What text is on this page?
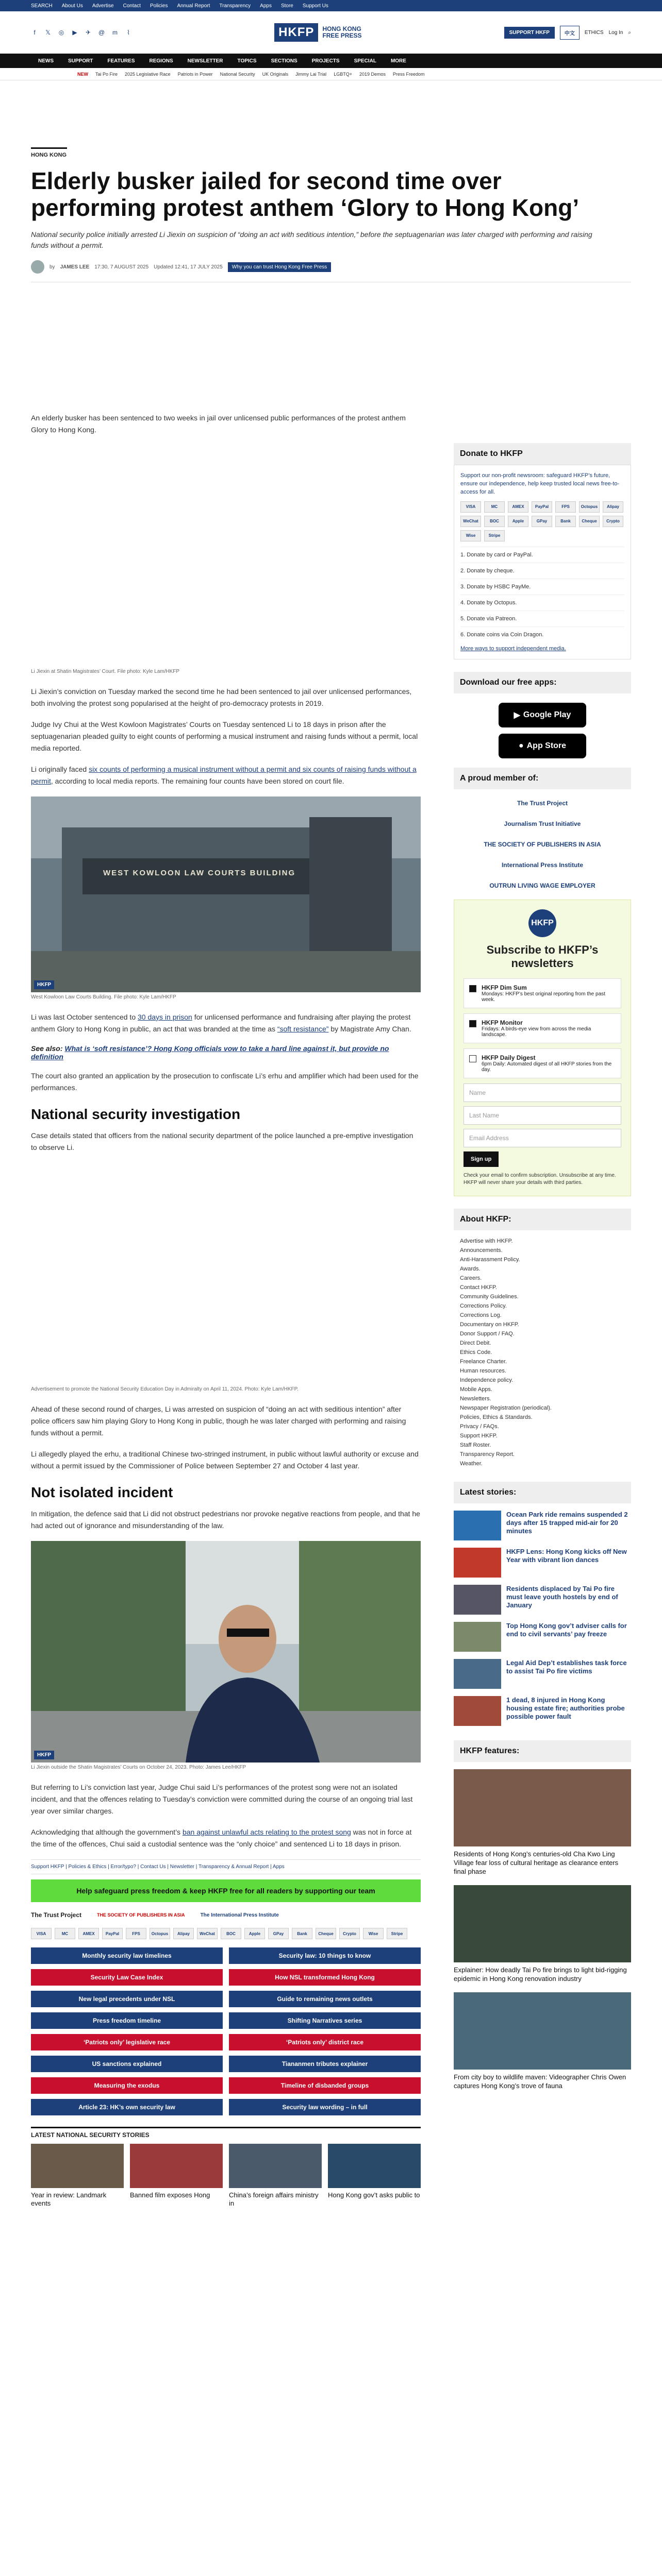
SEARCH About Us Advertise Contact Policies Annual Report Transparency Apps Store Support Us
f	𝕏 ◎ ▶ ✈ @ m	⌇	HKFP	HONG KONG
FREE PRESS	SUPPORT HKFP	中文	ETHICS Log In ⌕
NEWS	SUPPORT	FEATURES	REGIONS	NEWSLETTER	TOPICS	SECTIONS	PROJECTS	SPECIAL	MORE
NEW Tai Po Fire 2025 Legislative Race Patriots in Power National Security UK Originals Jimmy Lai Trial LGBTQ+ 2019 Demos Press Freedom
HONG KONG
Elderly busker jailed for second time over performing protest anthem ‘Glory to Hong Kong’
National security police initially arrested Li Jiexin on suspicion of “doing an act with seditious intention,” before the septuagenarian was later charged with performing and raising funds without a permit.
by JAMES LEE 17:30, 7 AUGUST 2025 Updated 12:41, 17 JULY 2025	Why you can trust Hong Kong Free Press

An elderly busker has been sentenced to two weeks in jail over unlicensed public performances of the protest anthem Glory to Hong Kong.

Li Jiexin at Shatin Magistrates’ Court. File photo: Kyle Lam/HKFP

Li Jiexin’s conviction on Tuesday marked the second time he had been sentenced to jail over unlicensed performances, both involving the protest song popularised at the height of pro-democracy protests in 2019.

Judge Ivy Chui at the West Kowloon Magistrates’ Courts on Tuesday sentenced Li to 18 days in prison after the septuagenarian pleaded guilty to eight counts of performing a musical instrument and raising funds without a permit, local media reported.

Li originally faced six counts of performing a musical instrument without a permit and six counts of raising funds without a permit, according to local media reports. The remaining four counts have been stored on court file.

WEST KOWLOON LAW COURTS BUILDING
HKFP
West Kowloon Law Courts Building. File photo: Kyle Lam/HKFP

Li was last October sentenced to 30 days in prison for unlicensed performance and fundraising after playing the protest anthem Glory to Hong Kong in public, an act that was branded at the time as “soft resistance” by Magistrate Amy Chan.

See also: What is ‘soft resistance’? Hong Kong officials vow to take a hard line against it, but provide no definition

The court also granted an application by the prosecution to confiscate Li’s erhu and amplifier which had been used for the performances.

National security investigation

Case details stated that officers from the national security department of the police launched a pre-emptive investigation to observe Li.

Advertisement to promote the National Security Education Day in Admiralty on April 11, 2024. Photo: Kyle Lam/HKFP.

Ahead of these second round of charges, Li was arrested on suspicion of “doing an act with seditious intention” after police officers saw him playing Glory to Hong Kong in public, though he was later charged with performing and raising funds without a permit.

Li allegedly played the erhu, a traditional Chinese two-stringed instrument, in public without lawful authority or excuse and without a permit issued by the Commissioner of Police between September 27 and October 4 last year.

Not isolated incident

In mitigation, the defence said that Li did not obstruct pedestrians nor provoke negative reactions from people, and that he had acted out of ignorance and misunderstanding of the law.

HKFP
Li Jiexin outside the Shatin Magistrates’ Courts on October 24, 2023. Photo: James Lee/HKFP

But referring to Li’s conviction last year, Judge Chui said Li’s performances of the protest song were not an isolated incident, and that the offences relating to Tuesday’s conviction were committed during the course of an ongoing trial last year over similar charges.

Acknowledging that although the government’s ban against unlawful acts relating to the protest song was not in force at the time of the offences, Chui said a custodial sentence was the “only choice” and sentenced Li to 18 days in prison.

Support HKFP | Policies & Ethics | Error/typo? | Contact Us | Newsletter | Transparency & Annual Report | Apps
Help safeguard press freedom & keep HKFP free for all readers by supporting our team
The Trust Project	THE SOCIETY OF PUBLISHERS IN ASIA	The International Press Institute
VISA	MC	AMEX	PayPal	FPS	Octopus	Alipay	WeChat	BOC	Apple	GPay	Bank	Cheque	Crypto	Wise	Stripe
Monthly security law timelines	Security law: 10 things to know
Security Law Case Index	How NSL transformed Hong Kong
New legal precedents under NSL	Guide to remaining news outlets
Press freedom timeline	Shifting Narratives series
‘Patriots only’ legislative race	‘Patriots only’ district race
US sanctions explained	Tiananmen tributes explainer
Measuring the exodus	Timeline of disbanded groups
Article 23: HK’s own security law	Security law wording – in full
LATEST NATIONAL SECURITY STORIES
Year in review: Landmark events
Banned film exposes Hong	China’s foreign affairs ministry in
Hong Kong gov’t asks public to
Donate to HKFP
Support our non-profit newsroom: safeguard HKFP’s future, ensure our independence, help keep trusted local news free-to-access for all.
VISA	MC	AMEX	PayPal	FPS	Octopus	Alipay
WeChat	BOC	Apple	GPay	Bank	Cheque	Crypto
Wise	Stripe
1. Donate by card or PayPal.
2. Donate by cheque.
3. Donate by HSBC PayMe.
4. Donate by Octopus.
5. Donate via Patreon.
6. Donate coins via Coin Dragon.
More ways to support independent media.
Download our free apps:
▶ Google Play
● App Store
A proud member of:
The Trust Project
Journalism Trust Initiative
THE SOCIETY OF PUBLISHERS IN ASIA
International Press Institute
OUTRUN LIVING WAGE EMPLOYER
HKFP
Subscribe to HKFP’s newsletters
HKFP Dim Sum
Mondays: HKFP’s best original reporting from the past week.
HKFP Monitor
Fridays: A birds-eye view from across the media landscape.
HKFP Daily Digest
6pm Daily: Automated digest of all HKFP stories from the day.
Name
Last Name
Email Address
Sign up
Check your email to confirm subscription. Unsubscribe at any time. HKFP will never share your details with third parties.
About HKFP:
Advertise with HKFP.
Announcements.
Anti-Harassment Policy.
Awards.
Careers.
Contact HKFP.
Community Guidelines.
Corrections Policy.
Corrections Log.
Documentary on HKFP.
Donor Support / FAQ.
Direct Debit.
Ethics Code.
Freelance Charter.
Human resources.
Independence policy.
Mobile Apps.
Newsletters.
Newspaper Registration (periodical).
Policies, Ethics & Standards.
Privacy / FAQs.
Support HKFP.
Staff Roster.
Transparency Report.
Weather.
Latest stories:
Ocean Park ride remains suspended 2 days after 15 trapped mid-air for 20 minutes
HKFP Lens: Hong Kong kicks off New Year with vibrant lion dances
Residents displaced by Tai Po fire must leave youth hostels by end of January
Top Hong Kong gov’t adviser calls for end to civil servants’ pay freeze
Legal Aid Dep’t establishes task force to assist Tai Po fire victims
1 dead, 8 injured in Hong Kong housing estate fire; authorities probe possible power fault
HKFP features:
Residents of Hong Kong’s centuries-old Cha Kwo Ling Village fear loss of cultural heritage as clearance enters final phase
Explainer: How deadly Tai Po fire brings to light bid-rigging epidemic in Hong Kong renovation industry
From city boy to wildlife maven: Videographer Chris Owen captures Hong Kong’s trove of fauna
